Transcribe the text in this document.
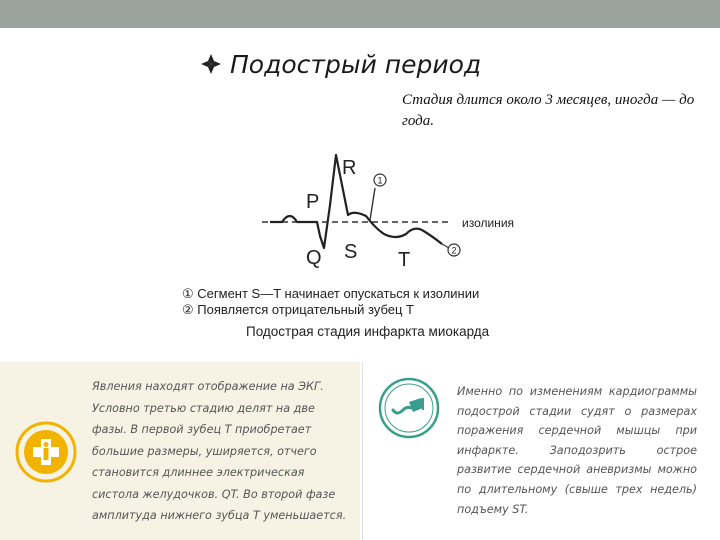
Подострый период
Стадия длится около 3 месяцев, иногда — до года.
1
2
R
P
Q S T
изолиния
① Сегмент S—T начинает опускаться к изолинии
② Появляется отрицательный зубец Т
Подострая стадия инфаркта миокарда
Явления находят отображение на ЭКГ. Условно третью стадию делят на две фазы. В первой зубец Т приобретает большие размеры, уширяется, отчего становится длиннее электрическая систола желудочков. QT. Во второй фазе амплитуда нижнего зубца Т уменьшается.
Именно по изменениям кардиограммы подострой стадии судят о размерах поражения сердечной мышцы при инфаркте. Заподозрить острое развитие сердечной аневризмы можно по длительному (свыше трех недель) подъему ST.
